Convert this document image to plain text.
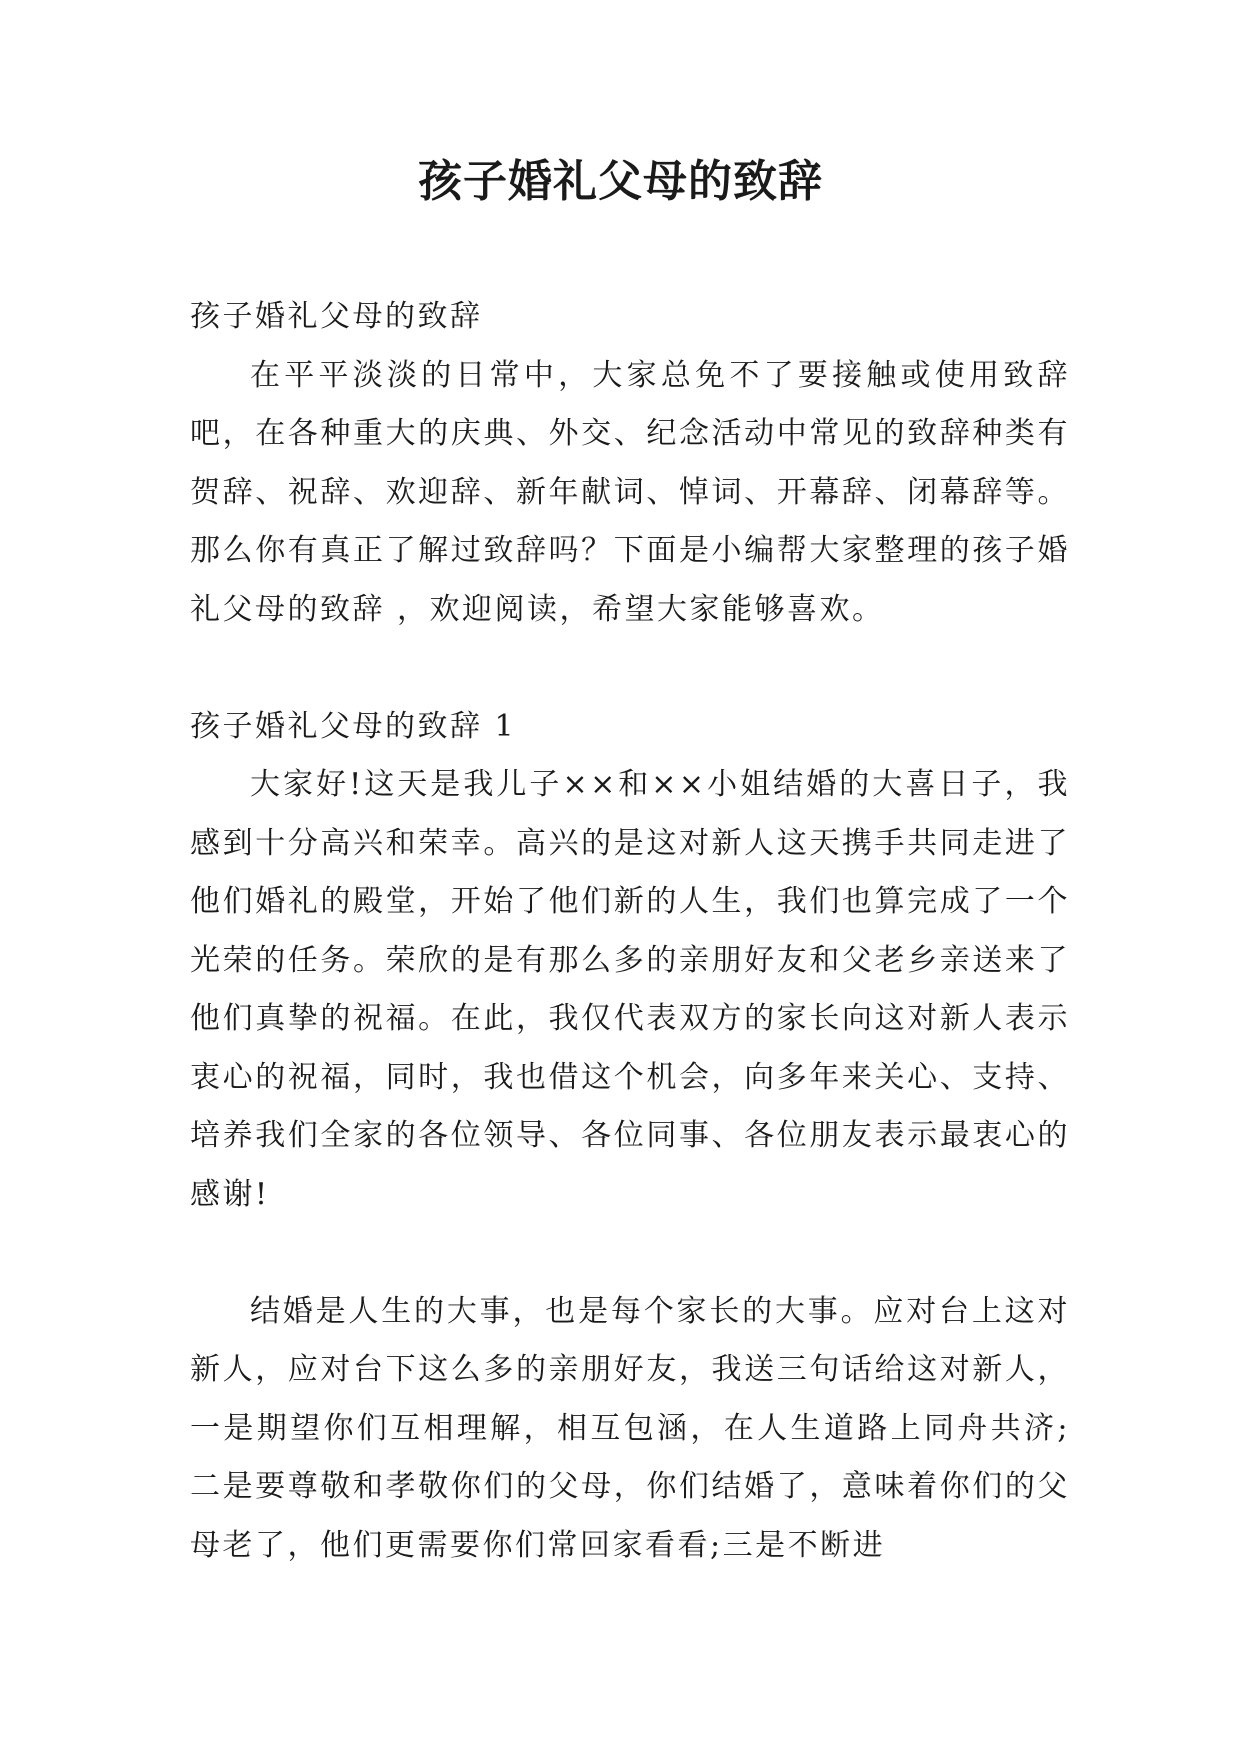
孩子婚礼父母的致辞

孩子婚礼父母的致辞

在平平淡淡的日常中，大家总免不了要接触或使用致辞吧，在各种重大的庆典、外交、纪念活动中常见的致辞种类有贺辞、祝辞、欢迎辞、新年献词、悼词、开幕辞、闭幕辞等。那么你有真正了解过致辞吗？下面是小编帮大家整理的孩子婚礼父母的致辞 ，欢迎阅读，希望大家能够喜欢。

孩子婚礼父母的致辞 1

大家好!这天是我儿子××和××小姐结婚的大喜日子，我感到十分高兴和荣幸。高兴的是这对新人这天携手共同走进了他们婚礼的殿堂，开始了他们新的人生，我们也算完成了一个光荣的任务。荣欣的是有那么多的亲朋好友和父老乡亲送来了他们真挚的祝福。在此，我仅代表双方的家长向这对新人表示衷心的祝福，同时，我也借这个机会，向多年来关心、支持、培养我们全家的各位领导、各位同事、各位朋友表示最衷心的感谢!

结婚是人生的大事，也是每个家长的大事。应对台上这对新人，应对台下这么多的亲朋好友，我送三句话给这对新人，一是期望你们互相理解，相互包涵，在人生道路上同舟共济;二是要尊敬和孝敬你们的父母，你们结婚了，意味着你们的父母老了，他们更需要你们常回家看看;三是不断进
